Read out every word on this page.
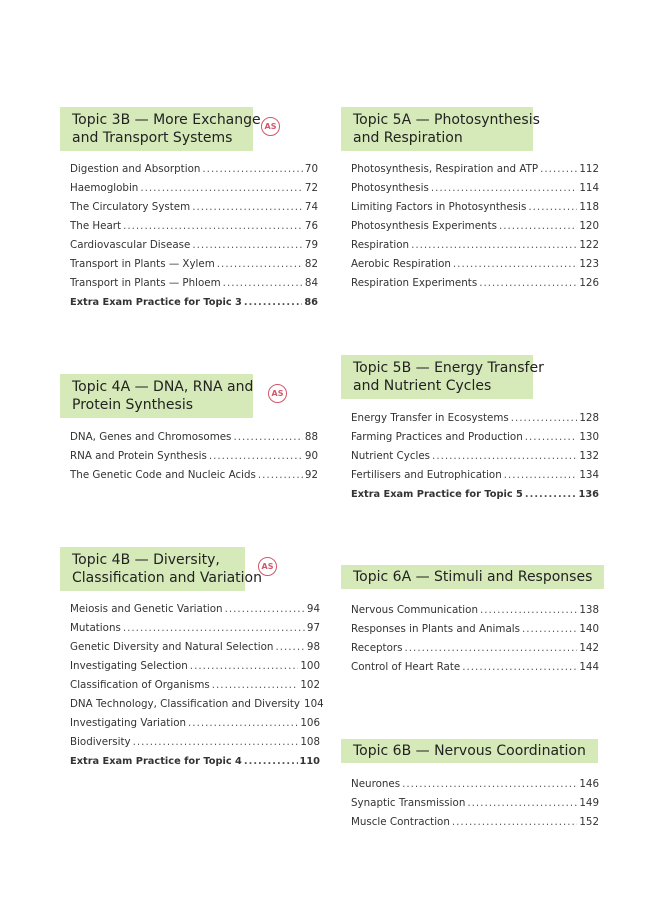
Topic 3B — More Exchange
and Transport Systems
AS
Digestion and Absorption .....	70
Haemoglobin .....	72
The Circulatory System .....	74
The Heart .....	76
Cardiovascular Disease .....	79
Transport in Plants — Xylem .....	82
Transport in Plants — Phloem .....	84
Extra Exam Practice for Topic 3 .....	86
Topic 4A — DNA, RNA and
Protein Synthesis
AS
DNA, Genes and Chromosomes .....	88
RNA and Protein Synthesis .....	90
The Genetic Code and Nucleic Acids .....	92
Topic 4B — Diversity,
Classification and Variation
AS
Meiosis and Genetic Variation .....	94
Mutations .....	97
Genetic Diversity and Natural Selection .....	98
Investigating Selection .....	100
Classification of Organisms .....	102
DNA Technology, Classification and Diversity 104
Investigating Variation .....	106
Biodiversity .....	108
Extra Exam Practice for Topic 4 .....	110
Topic 5A — Photosynthesis
and Respiration
Photosynthesis, Respiration and ATP .....	112
Photosynthesis .....	114
Limiting Factors in Photosynthesis .....	118
Photosynthesis Experiments .....	120
Respiration .....	122
Aerobic Respiration .....	123
Respiration Experiments .....	126
Topic 5B — Energy Transfer
and Nutrient Cycles
Energy Transfer in Ecosystems .....	128
Farming Practices and Production .....	130
Nutrient Cycles .....	132
Fertilisers and Eutrophication .....	134
Extra Exam Practice for Topic 5 .....	136
Topic 6A — Stimuli and Responses
Nervous Communication .....	138
Responses in Plants and Animals .....	140
Receptors .....	142
Control of Heart Rate .....	144
Topic 6B — Nervous Coordination
Neurones .....	146
Synaptic Transmission .....	149
Muscle Contraction .....	152
